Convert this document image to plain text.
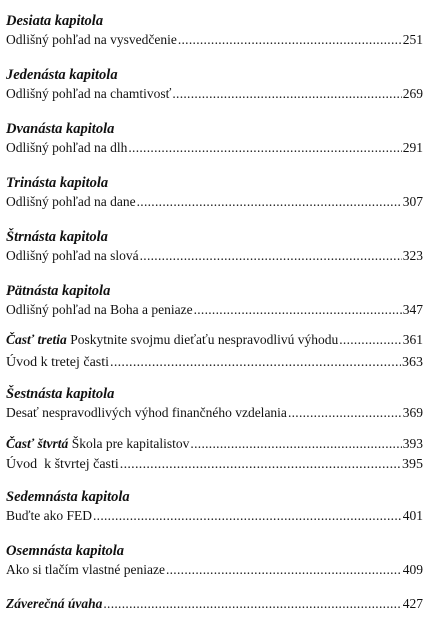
Desiata kapitola
Odlišný pohľad na vysvedčenie .....	251
Jedenásta kapitola
Odlišný pohľad na chamtivosť .....	269
Dvanásta kapitola
Odlišný pohľad na dlh .....	291
Trinásta kapitola
Odlišný pohľad na dane .....	307
Štrnásta kapitola
Odlišný pohľad na slová .....	323
Pätnásta kapitola
Odlišný pohľad na Boha a peniaze .....	347
Časť tretia Poskytnite svojmu dieťaťu nespravodlivú výhodu .....	361
Úvod k tretej časti .....	363
Šestnásta kapitola
Desať nespravodlivých výhod finančného vzdelania .....	369
Časť štvrtá Škola pre kapitalistov .....	393
Úvod  k štvrtej časti .....	395
Sedemnásta kapitola
Buďte ako FED .....	401
Osemnásta kapitola
Ako si tlačím vlastné peniaze .....	409
Záverečná úvaha .....	427
